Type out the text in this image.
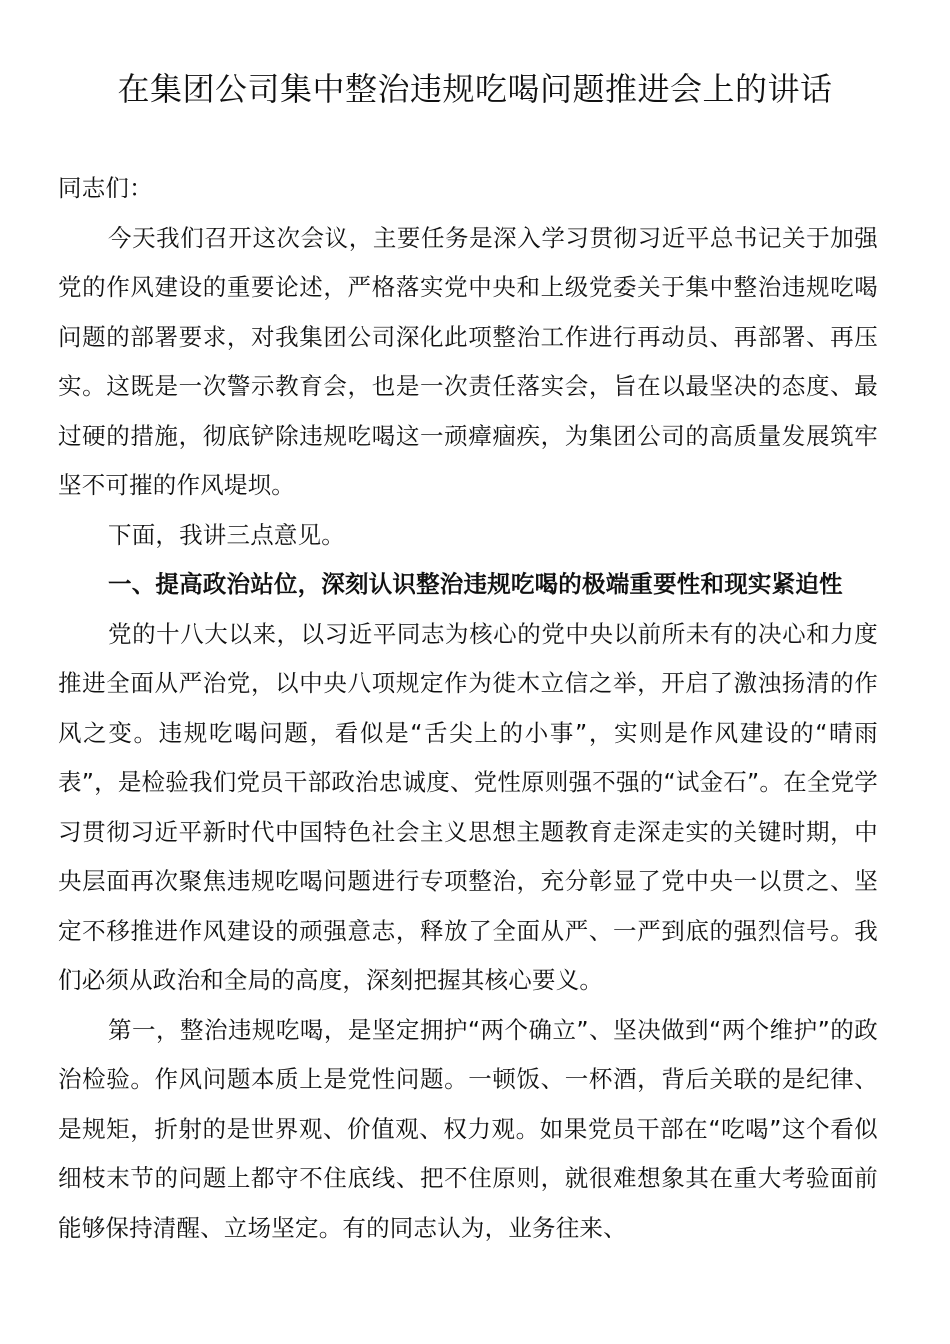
在集团公司集中整治违规吃喝问题推进会上的讲话

同志们：

今天我们召开这次会议，主要任务是深入学习贯彻习近平总书记关于加强党的作风建设的重要论述，严格落实党中央和上级党委关于集中整治违规吃喝问题的部署要求，对我集团公司深化此项整治工作进行再动员、再部署、再压实。这既是一次警示教育会，也是一次责任落实会，旨在以最坚决的态度、最过硬的措施，彻底铲除违规吃喝这一顽瘴痼疾，为集团公司的高质量发展筑牢坚不可摧的作风堤坝。

下面，我讲三点意见。

一、提高政治站位，深刻认识整治违规吃喝的极端重要性和现实紧迫性

党的十八大以来，以习近平同志为核心的党中央以前所未有的决心和力度推进全面从严治党，以中央八项规定作为徙木立信之举，开启了激浊扬清的作风之变。违规吃喝问题，看似是“舌尖上的小事”，实则是作风建设的“晴雨表”，是检验我们党员干部政治忠诚度、党性原则强不强的“试金石”。在全党学习贯彻习近平新时代中国特色社会主义思想主题教育走深走实的关键时期，中央层面再次聚焦违规吃喝问题进行专项整治，充分彰显了党中央一以贯之、坚定不移推进作风建设的顽强意志，释放了全面从严、一严到底的强烈信号。我们必须从政治和全局的高度，深刻把握其核心要义。

第一，整治违规吃喝，是坚定拥护“两个确立”、坚决做到“两个维护”的政治检验。作风问题本质上是党性问题。一顿饭、一杯酒，背后关联的是纪律、是规矩，折射的是世界观、价值观、权力观。如果党员干部在“吃喝”这个看似细枝末节的问题上都守不住底线、把不住原则，就很难想象其在重大考验面前能够保持清醒、立场坚定。有的同志认为，业务往来、
